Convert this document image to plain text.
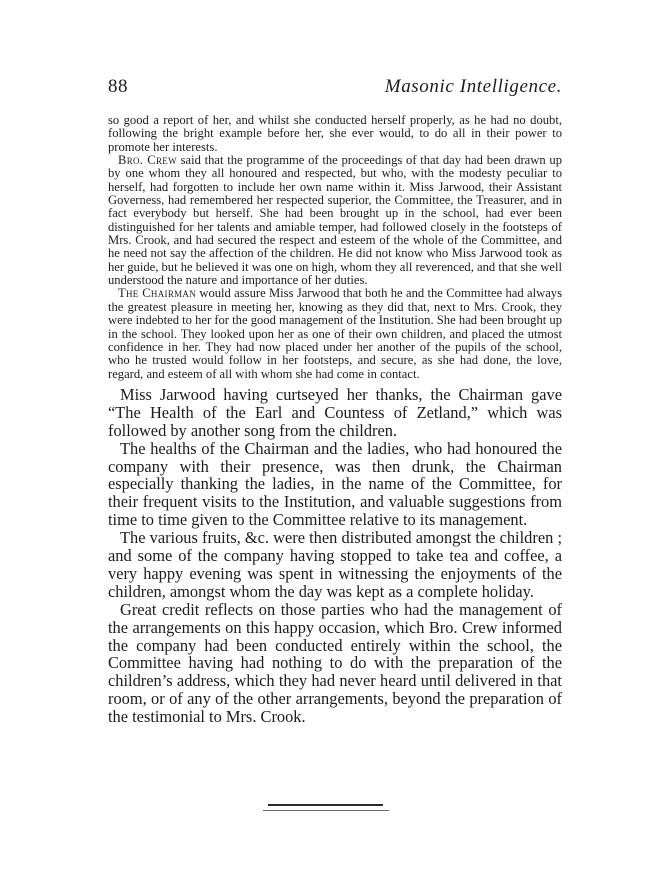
88	Masonic Intelligence.

so good a report of her, and whilst she conducted herself properly, as he had no doubt, following the bright example before her, she ever would, to do all in their power to promote her interests.

Bro. Crew said that the programme of the proceedings of that day had been drawn up by one whom they all honoured and respected, but who, with the modesty peculiar to herself, had forgotten to include her own name within it. Miss Jarwood, their Assistant Governess, had remembered her respected superior, the Committee, the Treasurer, and in fact everybody but herself. She had been brought up in the school, had ever been distinguished for her talents and amiable temper, had followed closely in the footsteps of Mrs. Crook, and had secured the respect and esteem of the whole of the Committee, and he need not say the affection of the children. He did not know who Miss Jarwood took as her guide, but he believed it was one on high, whom they all reverenced, and that she well understood the nature and importance of her duties.

The Chairman would assure Miss Jarwood that both he and the Committee had always the greatest pleasure in meeting her, knowing as they did that, next to Mrs. Crook, they were indebted to her for the good management of the Institution. She had been brought up in the school. They looked upon her as one of their own children, and placed the utmost confidence in her. They had now placed under her another of the pupils of the school, who he trusted would follow in her footsteps, and secure, as she had done, the love, regard, and esteem of all with whom she had come in contact.

Miss Jarwood having curtseyed her thanks, the Chairman gave “The Health of the Earl and Countess of Zetland,” which was followed by another song from the children.

The healths of the Chairman and the ladies, who had honoured the company with their presence, was then drunk, the Chairman especially thanking the ladies, in the name of the Committee, for their frequent visits to the Institution, and valuable suggestions from time to time given to the Committee relative to its management.

The various fruits, &c. were then distributed amongst the children ; and some of the company having stopped to take tea and coffee, a very happy evening was spent in witnessing the enjoyments of the children, amongst whom the day was kept as a complete holiday.

Great credit reflects on those parties who had the management of the arrangements on this happy occasion, which Bro. Crew informed the company had been conducted entirely within the school, the Committee having had nothing to do with the preparation of the children’s address, which they had never heard until delivered in that room, or of any of the other arrangements, beyond the preparation of the testimonial to Mrs. Crook.
